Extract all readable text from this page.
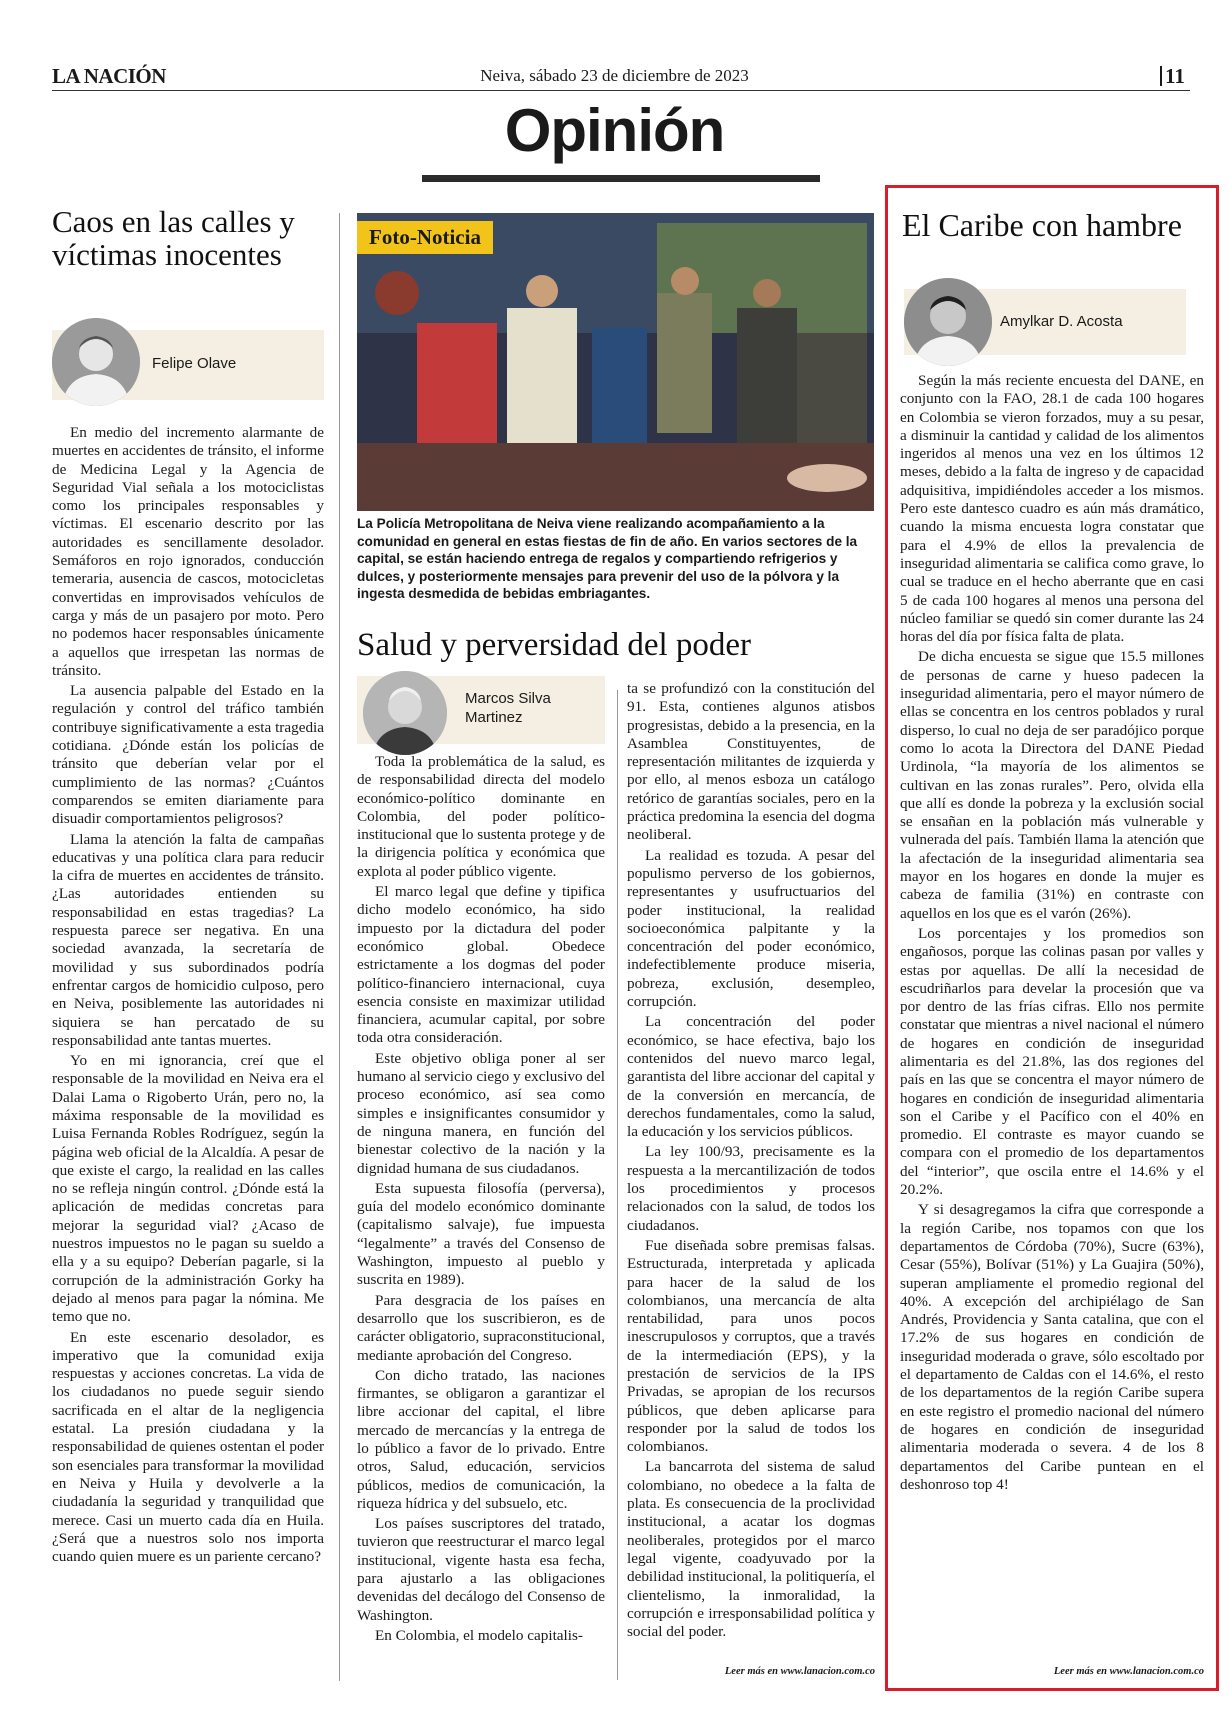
LA NACIÓN	Neiva, sábado 23 de diciembre de 2023	11
Opinión
Caos en las calles y víctimas inocentes
Felipe Olave

En medio del incremento alarmante de muertes en accidentes de tránsito, el informe de Medicina Legal y la Agencia de Seguridad Vial señala a los motociclistas como los principales responsables y víctimas. El escenario descrito por las autoridades es sencillamente desolador. Semáforos en rojo ignorados, conducción temeraria, ausencia de cascos, motocicletas convertidas en improvisados vehículos de carga y más de un pasajero por moto. Pero no podemos hacer responsables únicamente a aquellos que irrespetan las normas de tránsito.

La ausencia palpable del Estado en la regulación y control del tráfico también contribuye significativamente a esta tragedia cotidiana. ¿Dónde están los policías de tránsito que deberían velar por el cumplimiento de las normas? ¿Cuántos comparendos se emiten diariamente para disuadir comportamientos peligrosos?

Llama la atención la falta de campañas educativas y una política clara para reducir la cifra de muertes en accidentes de tránsito. ¿Las autoridades entienden su responsabilidad en estas tragedias? La respuesta parece ser negativa. En una sociedad avanzada, la secretaría de movilidad y sus subordinados podría enfrentar cargos de homicidio culposo, pero en Neiva, posiblemente las autoridades ni siquiera se han percatado de su responsabilidad ante tantas muertes.

Yo en mi ignorancia, creí que el responsable de la movilidad en Neiva era el Dalai Lama o Rigoberto Urán, pero no, la máxima responsable de la movilidad es Luisa Fernanda Robles Rodríguez, según la página web oficial de la Alcaldía. A pesar de que existe el cargo, la realidad en las calles no se refleja ningún control. ¿Dónde está la aplicación de medidas concretas para mejorar la seguridad vial? ¿Acaso de nuestros impuestos no le pagan su sueldo a ella y a su equipo? Deberían pagarle, si la corrupción de la administración Gorky ha dejado al menos para pagar la nómina. Me temo que no.

En este escenario desolador, es imperativo que la comunidad exija respuestas y acciones concretas. La vida de los ciudadanos no puede seguir siendo sacrificada en el altar de la negligencia estatal. La presión ciudadana y la responsabilidad de quienes ostentan el poder son esenciales para transformar la movilidad en Neiva y Huila y devolverle a la ciudadanía la seguridad y tranquilidad que merece. Casi un muerto cada día en Huila. ¿Será que a nuestros solo nos importa cuando quien muere es un pariente cercano?

Foto-Noticia
La Policía Metropolitana de Neiva viene realizando acompañamiento a la comunidad en general en estas fiestas de fin de año. En varios sectores de la capital, se están haciendo entrega de regalos y compartiendo refrigerios y dulces, y posteriormente mensajes para prevenir del uso de la pólvora y la ingesta desmedida de bebidas embriagantes.
Salud y perversidad del poder
Marcos Silva Martinez

Toda la problemática de la salud, es de responsabilidad directa del modelo económico-político dominante en Colombia, del poder político-institucional que lo sustenta protege y de la dirigencia política y económica que explota al poder público vigente.

El marco legal que define y tipifica dicho modelo económico, ha sido impuesto por la dictadura del poder económico global. Obedece estrictamente a los dogmas del poder político-financiero internacional, cuya esencia consiste en maximizar utilidad financiera, acumular capital, por sobre toda otra consideración.

Este objetivo obliga poner al ser humano al servicio ciego y exclusivo del proceso económico, así sea como simples e insignificantes consumidor y de ninguna manera, en función del bienestar colectivo de la nación y la dignidad humana de sus ciudadanos.

Esta supuesta filosofía (perversa), guía del modelo económico dominante (capitalismo salvaje), fue impuesta “legalmente” a través del Consenso de Washington, impuesto al pueblo y suscrita en 1989).

Para desgracia de los países en desarrollo que los suscribieron, es de carácter obligatorio, supraconstitucional, mediante aprobación del Congreso.

Con dicho tratado, las naciones firmantes, se obligaron a garantizar el libre accionar del capital, el libre mercado de mercancías y la entrega de lo público a favor de lo privado. Entre otros, Salud, educación, servicios públicos, medios de comunicación, la riqueza hídrica y del subsuelo, etc.

Los países suscriptores del tratado, tuvieron que reestructurar el marco legal institucional, vigente hasta esa fecha, para ajustarlo a las obligaciones devenidas del decálogo del Consenso de Washington.

En Colombia, el modelo capitalis-

ta se profundizó con la constitución del 91. Esta, contienes algunos atisbos progresistas, debido a la presencia, en la Asamblea Constituyentes, de representación militantes de izquierda y por ello, al menos esboza un catálogo retórico de garantías sociales, pero en la práctica predomina la esencia del dogma neoliberal.

La realidad es tozuda. A pesar del populismo perverso de los gobiernos, representantes y usufructuarios del poder institucional, la realidad socioeconómica palpitante y la concentración del poder económico, indefectiblemente produce miseria, pobreza, exclusión, desempleo, corrupción.

La concentración del poder económico, se hace efectiva, bajo los contenidos del nuevo marco legal, garantista del libre accionar del capital y de la conversión en mercancía, de derechos fundamentales, como la salud, la educación y los servicios públicos.

La ley 100/93, precisamente es la respuesta a la mercantilización de todos los procedimientos y procesos relacionados con la salud, de todos los ciudadanos.

Fue diseñada sobre premisas falsas. Estructurada, interpretada y aplicada para hacer de la salud de los colombianos, una mercancía de alta rentabilidad, para unos pocos inescrupulosos y corruptos, que a través de la intermediación (EPS), y la prestación de servicios de la IPS Privadas, se apropian de los recursos públicos, que deben aplicarse para responder por la salud de todos los colombianos.

La bancarrota del sistema de salud colombiano, no obedece a la falta de plata. Es consecuencia de la proclividad institucional, a acatar los dogmas neoliberales, protegidos por el marco legal vigente, coadyuvado por la debilidad institucional, la politiquería, el clientelismo, la inmoralidad, la corrupción e irresponsabilidad política y social del poder.

Leer más en www.lanacion.com.co
El Caribe con hambre
Amylkar D. Acosta

Según la más reciente encuesta del DANE, en conjunto con la FAO, 28.1 de cada 100 hogares en Colombia se vieron forzados, muy a su pesar, a disminuir la cantidad y calidad de los alimentos ingeridos al menos una vez en los últimos 12 meses, debido a la falta de ingreso y de capacidad adquisitiva, impidiéndoles acceder a los mismos. Pero este dantesco cuadro es aún más dramático, cuando la misma encuesta logra constatar que para el 4.9% de ellos la prevalencia de inseguridad alimentaria se califica como grave, lo cual se traduce en el hecho aberrante que en casi 5 de cada 100 hogares al menos una persona del núcleo familiar se quedó sin comer durante las 24 horas del día por física falta de plata.

De dicha encuesta se sigue que 15.5 millones de personas de carne y hueso padecen la inseguridad alimentaria, pero el mayor número de ellas se concentra en los centros poblados y rural disperso, lo cual no deja de ser paradójico porque como lo acota la Directora del DANE Piedad Urdinola, “la mayoría de los alimentos se cultivan en las zonas rurales”. Pero, olvida ella que allí es donde la pobreza y la exclusión social se ensañan en la población más vulnerable y vulnerada del país. También llama la atención que la afectación de la inseguridad alimentaria sea mayor en los hogares en donde la mujer es cabeza de familia (31%) en contraste con aquellos en los que es el varón (26%).

Los porcentajes y los promedios son engañosos, porque las colinas pasan por valles y estas por aquellas. De allí la necesidad de escudriñarlos para develar la procesión que va por dentro de las frías cifras. Ello nos permite constatar que mientras a nivel nacional el número de hogares en condición de inseguridad alimentaria es del 21.8%, las dos regiones del país en las que se concentra el mayor número de hogares en condición de inseguridad alimentaria son el Caribe y el Pacífico con el 40% en promedio. El contraste es mayor cuando se compara con el promedio de los departamentos del “interior”, que oscila entre el 14.6% y el 20.2%.

Y si desagregamos la cifra que corresponde a la región Caribe, nos topamos con que los departamentos de Córdoba (70%), Sucre (63%), Cesar (55%), Bolívar (51%) y La Guajira (50%), superan ampliamente el promedio regional del 40%. A excepción del archipiélago de San Andrés, Providencia y Santa catalina, que con el 17.2% de sus hogares en condición de inseguridad moderada o grave, sólo escoltado por el departamento de Caldas con el 14.6%, el resto de los departamentos de la región Caribe supera en este registro el promedio nacional del número de hogares en condición de inseguridad alimentaria moderada o severa. 4 de los 8 departamentos del Caribe puntean en el deshonroso top 4!

Leer más en www.lanacion.com.co
